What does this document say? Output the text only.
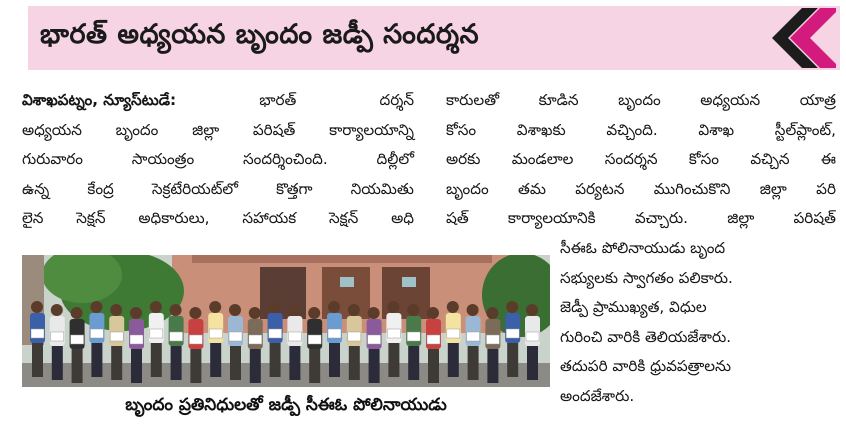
భారత్ అధ్యయన బృందం జడ్పీ సందర్శన
విశాఖపట్నం, న్యూస్‌టుడే:	భారత్	దర్శన్
అధ్యయన బృందం జిల్లా పరిషత్ కార్యాలయాన్ని
గురువారం	సాయంత్రం	సందర్శించింది.	దిల్లీలో
ఉన్న	కేంద్ర	సెక్రటేరియట్‌లో	కొత్తగా	నియమితు
లైన సెక్షన్ అధికారులు, సహాయక సెక్షన్ అధి
కారులతో	కూడిన	బృందం	అధ్యయన	యాత్ర
కోసం	విశాఖకు	వచ్చింది.	విశాఖ	స్టీల్‌ప్లాంట్,
అరకు మండలాల సందర్శన కోసం వచ్చిన ఈ
బృందం తమ పర్యటన ముగించుకొని జిల్లా పరి
షత్	కార్యాలయానికి	వచ్చారు.	జిల్లా	పరిషత్
సీఈఓ పోలినాయుడు బృంద
సభ్యులకు స్వాగతం పలికారు.
జెడ్పీ ప్రాముఖ్యత, విధుల
గురించి వారికి తెలియజేశారు.
తదుపరి వారికి ధ్రువపత్రాలను
అందజేశారు.
బృందం ప్రతినిధులతో జడ్పీ సీఈఓ పోలినాయుడు
